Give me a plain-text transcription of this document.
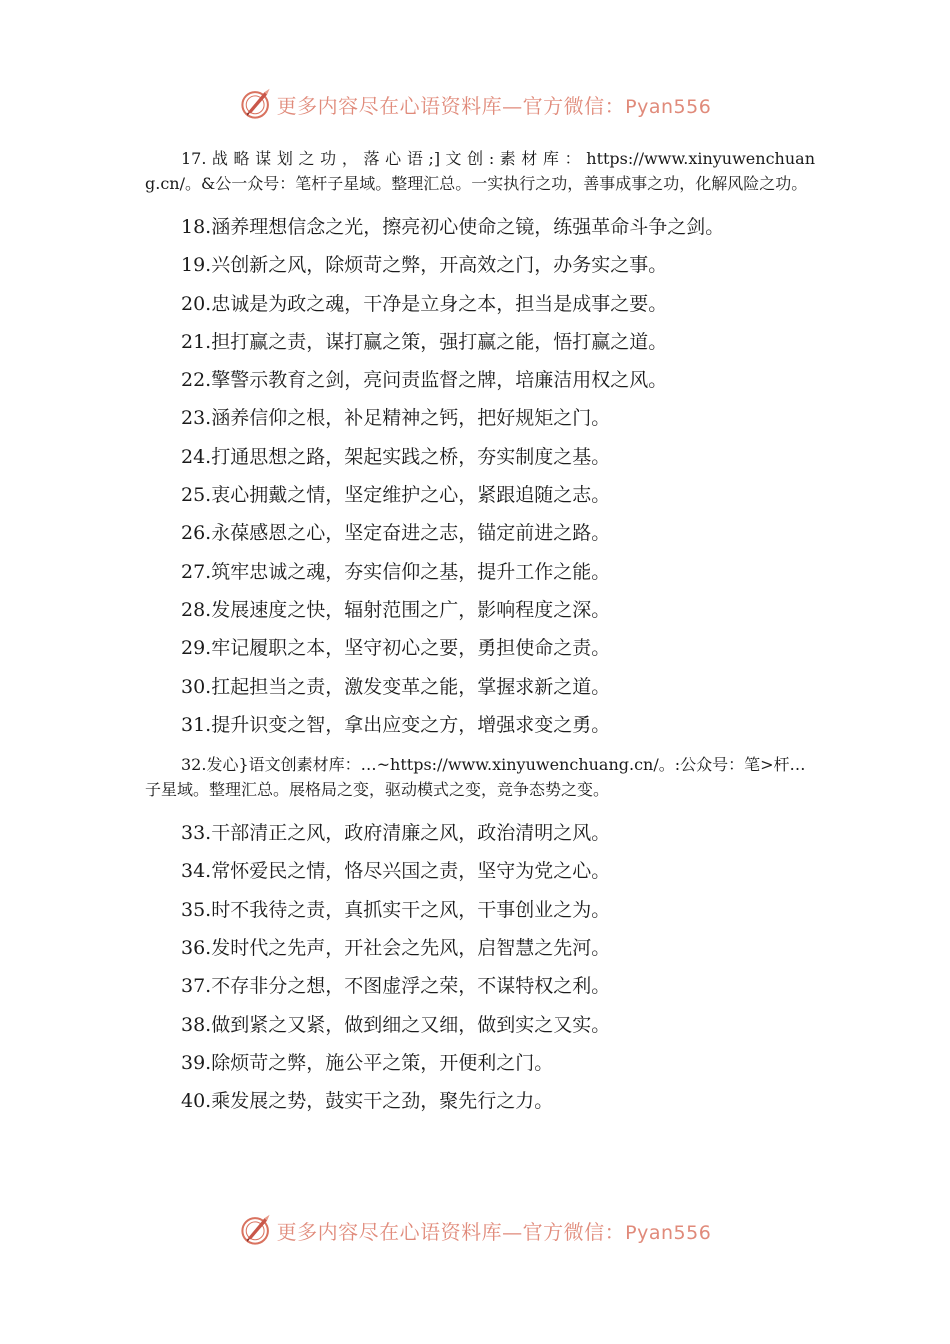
更多内容尽在心语资料库—官方微信：Pyan556

17. 战 略 谋 划 之 功 ， 落 心 语 ;] 文 创 : 素 材 库 ： https://www.xinyuwenchuang.cn/。&公一众号：笔杆子星域。整理汇总。一实执行之功，善事成事之功，化解风险之功。

18.涵养理想信念之光，擦亮初心使命之镜，练强革命斗争之剑。

19.兴创新之风，除烦苛之弊，开高效之门，办务实之事。

20.忠诚是为政之魂，干净是立身之本，担当是成事之要。

21.担打赢之责，谋打赢之策，强打赢之能，悟打赢之道。

22.擎警示教育之剑，亮问责监督之牌，培廉洁用权之风。

23.涵养信仰之根，补足精神之钙，把好规矩之门。

24.打通思想之路，架起实践之桥，夯实制度之基。

25.衷心拥戴之情，坚定维护之心，紧跟追随之志。

26.永葆感恩之心，坚定奋进之志，锚定前进之路。

27.筑牢忠诚之魂，夯实信仰之基，提升工作之能。

28.发展速度之快，辐射范围之广，影响程度之深。

29.牢记履职之本，坚守初心之要，勇担使命之责。

30.扛起担当之责，激发变革之能，掌握求新之道。

31.提升识变之智，拿出应变之方，增强求变之勇。

32.发心}语文创素材库：…~https://www.xinyuwenchuang.cn/。:公众号：笔>杆…子星域。整理汇总。展格局之变，驱动模式之变，竞争态势之变。

33.干部清正之风，政府清廉之风，政治清明之风。

34.常怀爱民之情，恪尽兴国之责，坚守为党之心。

35.时不我待之责，真抓实干之风，干事创业之为。

36.发时代之先声，开社会之先风，启智慧之先河。

37.不存非分之想，不图虚浮之荣，不谋特权之利。

38.做到紧之又紧，做到细之又细，做到实之又实。

39.除烦苛之弊，施公平之策，开便利之门。

40.乘发展之势，鼓实干之劲，聚先行之力。

更多内容尽在心语资料库—官方微信：Pyan556
